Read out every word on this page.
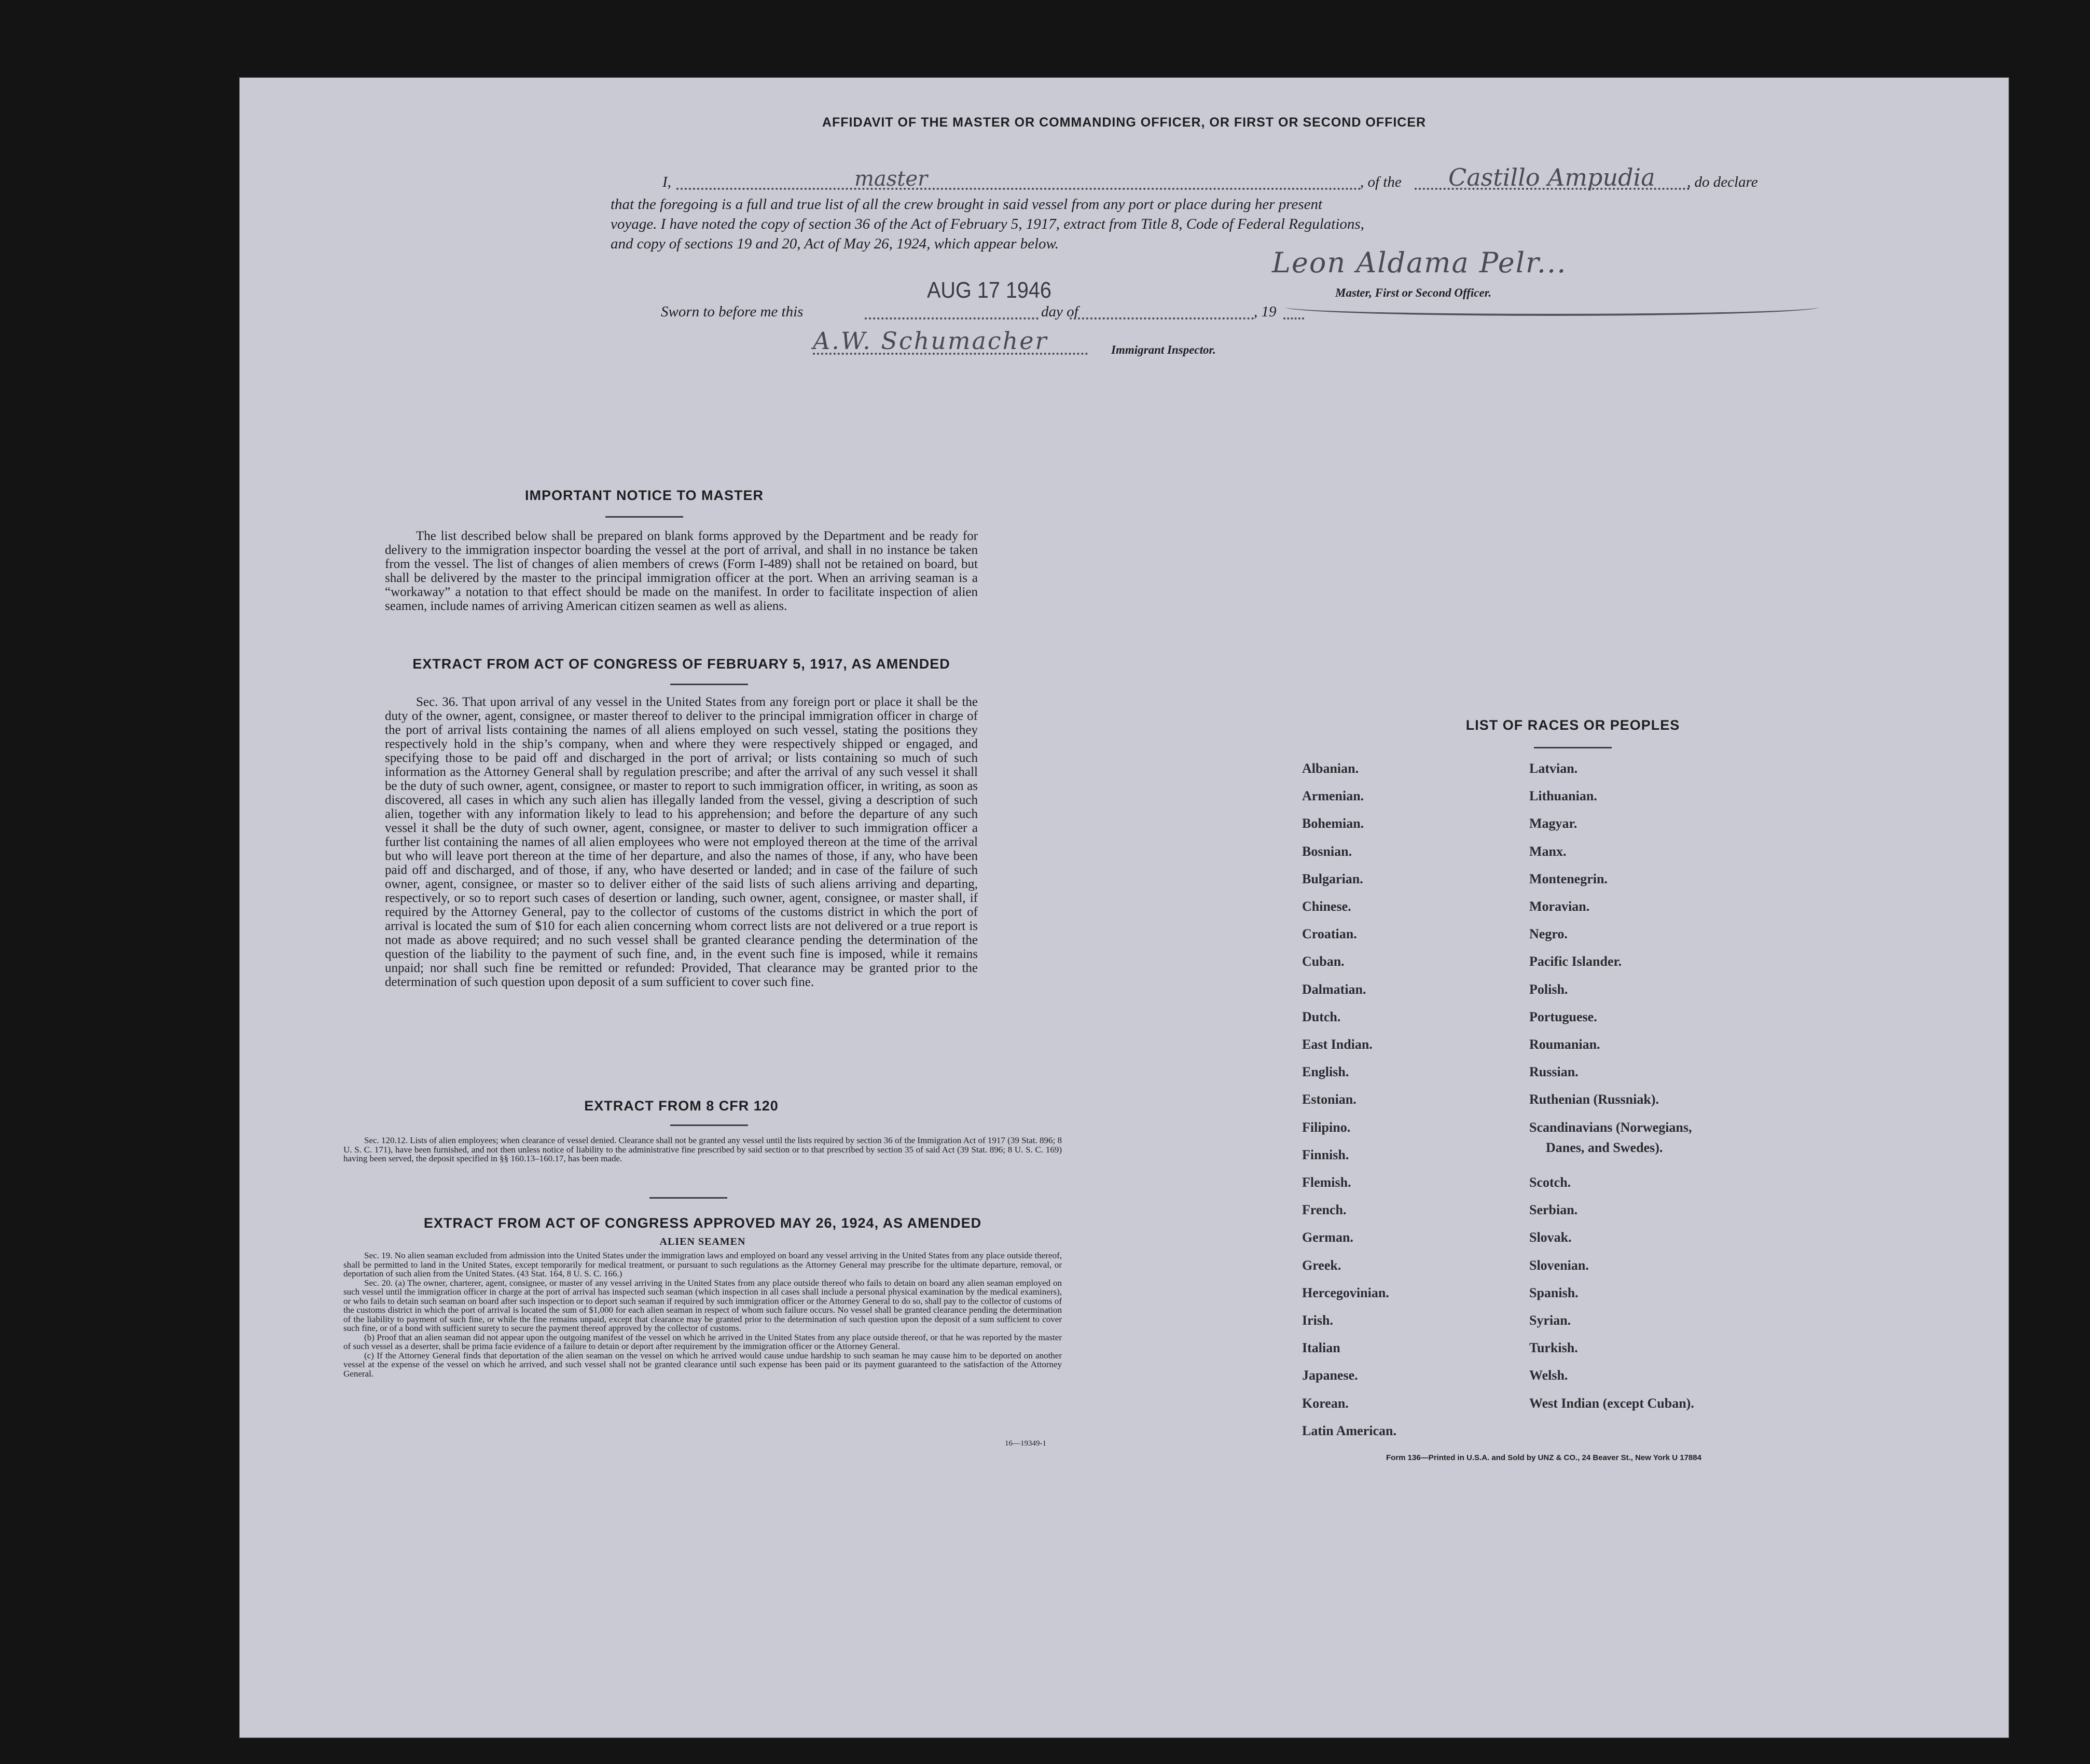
AFFIDAVIT OF THE MASTER OR COMMANDING OFFICER, OR FIRST OR SECOND OFFICER
I,	master	, of the Castillo Ampudia , do declare
that the foregoing is a full and true list of all the crew brought in said vessel from any port or place during her present
voyage. I have noted the copy of section 36 of the Act of February 5, 1917, extract from Title 8, Code of Federal Regulations,
and copy of sections 19 and 20, Act of May 26, 1924, which appear below.
Leon Aldama Pelr...
Master, First or Second Officer.
AUG 17 1946
Sworn to before me this	day of	, 19
A.W. Schumacher	Immigrant Inspector.
IMPORTANT NOTICE TO MASTER

The list described below shall be prepared on blank forms approved by the Department and be ready for delivery to the immigration inspector boarding the vessel at the port of arrival, and shall in no instance be taken from the vessel. The list of changes of alien members of crews (Form I-489) shall not be retained on board, but shall be delivered by the master to the principal immigration officer at the port. When an arriving seaman is a “workaway” a notation to that effect should be made on the manifest. In order to facilitate inspection of alien seamen, include names of arriving American citizen seamen as well as aliens.

EXTRACT FROM ACT OF CONGRESS OF FEBRUARY 5, 1917, AS AMENDED

Sec. 36. That upon arrival of any vessel in the United States from any foreign port or place it shall be the duty of the owner, agent, consignee, or master thereof to deliver to the principal immigration officer in charge of the port of arrival lists containing the names of all aliens employed on such vessel, stating the positions they respectively hold in the ship’s company, when and where they were respectively shipped or engaged, and specifying those to be paid off and discharged in the port of arrival; or lists containing so much of such information as the Attorney General shall by regulation prescribe; and after the arrival of any such vessel it shall be the duty of such owner, agent, consignee, or master to report to such immigration officer, in writing, as soon as discovered, all cases in which any such alien has illegally landed from the vessel, giving a description of such alien, together with any information likely to lead to his apprehension; and before the departure of any such vessel it shall be the duty of such owner, agent, consignee, or master to deliver to such immigration officer a further list containing the names of all alien employees who were not employed thereon at the time of the arrival but who will leave port thereon at the time of her departure, and also the names of those, if any, who have been paid off and discharged, and of those, if any, who have deserted or landed; and in case of the failure of such owner, agent, consignee, or master so to deliver either of the said lists of such aliens arriving and departing, respectively, or so to report such cases of desertion or landing, such owner, agent, consignee, or master shall, if required by the Attorney General, pay to the collector of customs of the customs district in which the port of arrival is located the sum of $10 for each alien concerning whom correct lists are not delivered or a true report is not made as above required; and no such vessel shall be granted clearance pending the determination of the question of the liability to the payment of such fine, and, in the event such fine is imposed, while it remains unpaid; nor shall such fine be remitted or refunded: Provided, That clearance may be granted prior to the determination of such question upon deposit of a sum sufficient to cover such fine.

EXTRACT FROM 8 CFR 120

Sec. 120.12. Lists of alien employees; when clearance of vessel denied. Clearance shall not be granted any vessel until the lists required by section 36 of the Immigration Act of 1917 (39 Stat. 896; 8 U. S. C. 171), have been furnished, and not then unless notice of liability to the administrative fine prescribed by said section or to that prescribed by section 35 of said Act (39 Stat. 896; 8 U. S. C. 169) having been served, the deposit specified in §§ 160.13–160.17, has been made.

EXTRACT FROM ACT OF CONGRESS APPROVED MAY 26, 1924, AS AMENDED
ALIEN SEAMEN

Sec. 19. No alien seaman excluded from admission into the United States under the immigration laws and employed on board any vessel arriving in the United States from any place outside thereof, shall be permitted to land in the United States, except temporarily for medical treatment, or pursuant to such regulations as the Attorney General may prescribe for the ultimate departure, removal, or deportation of such alien from the United States. (43 Stat. 164, 8 U. S. C. 166.)

Sec. 20. (a) The owner, charterer, agent, consignee, or master of any vessel arriving in the United States from any place outside thereof who fails to detain on board any alien seaman employed on such vessel until the immigration officer in charge at the port of arrival has inspected such seaman (which inspection in all cases shall include a personal physical examination by the medical examiners), or who fails to detain such seaman on board after such inspection or to deport such seaman if required by such immigration officer or the Attorney General to do so, shall pay to the collector of customs of the customs district in which the port of arrival is located the sum of $1,000 for each alien seaman in respect of whom such failure occurs. No vessel shall be granted clearance pending the determination of the liability to payment of such fine, or while the fine remains unpaid, except that clearance may be granted prior to the determination of such question upon the deposit of a sum sufficient to cover such fine, or of a bond with sufficient surety to secure the payment thereof approved by the collector of customs.

(b) Proof that an alien seaman did not appear upon the outgoing manifest of the vessel on which he arrived in the United States from any place outside thereof, or that he was reported by the master of such vessel as a deserter, shall be prima facie evidence of a failure to detain or deport after requirement by the immigration officer or the Attorney General.

(c) If the Attorney General finds that deportation of the alien seaman on the vessel on which he arrived would cause undue hardship to such seaman he may cause him to be deported on another vessel at the expense of the vessel on which he arrived, and such vessel shall not be granted clearance until such expense has been paid or its payment guaranteed to the satisfaction of the Attorney General.

16—19349-1
LIST OF RACES OR PEOPLES
Danes, and Swedes).
Form 136—Printed in U.S.A. and Sold by UNZ & CO., 24 Beaver St., New York U 17884
Albanian.
Armenian.
Bohemian.
Bosnian.
Bulgarian.
Chinese.
Croatian.
Cuban.
Dalmatian.
Dutch.
East Indian.
English.
Estonian.
Filipino.
Finnish.
Flemish.
French.
German.
Greek.
Hercegovinian.
Irish.
Italian
Japanese.
Korean.
Latin American.
Latvian.
Lithuanian.
Magyar.
Manx.
Montenegrin.
Moravian.
Negro.
Pacific Islander.
Polish.
Portuguese.
Roumanian.
Russian.
Ruthenian (Russniak).
Scandinavians (Norwegians,
Scotch.
Serbian.
Slovak.
Slovenian.
Spanish.
Syrian.
Turkish.
Welsh.
West Indian (except Cuban).
